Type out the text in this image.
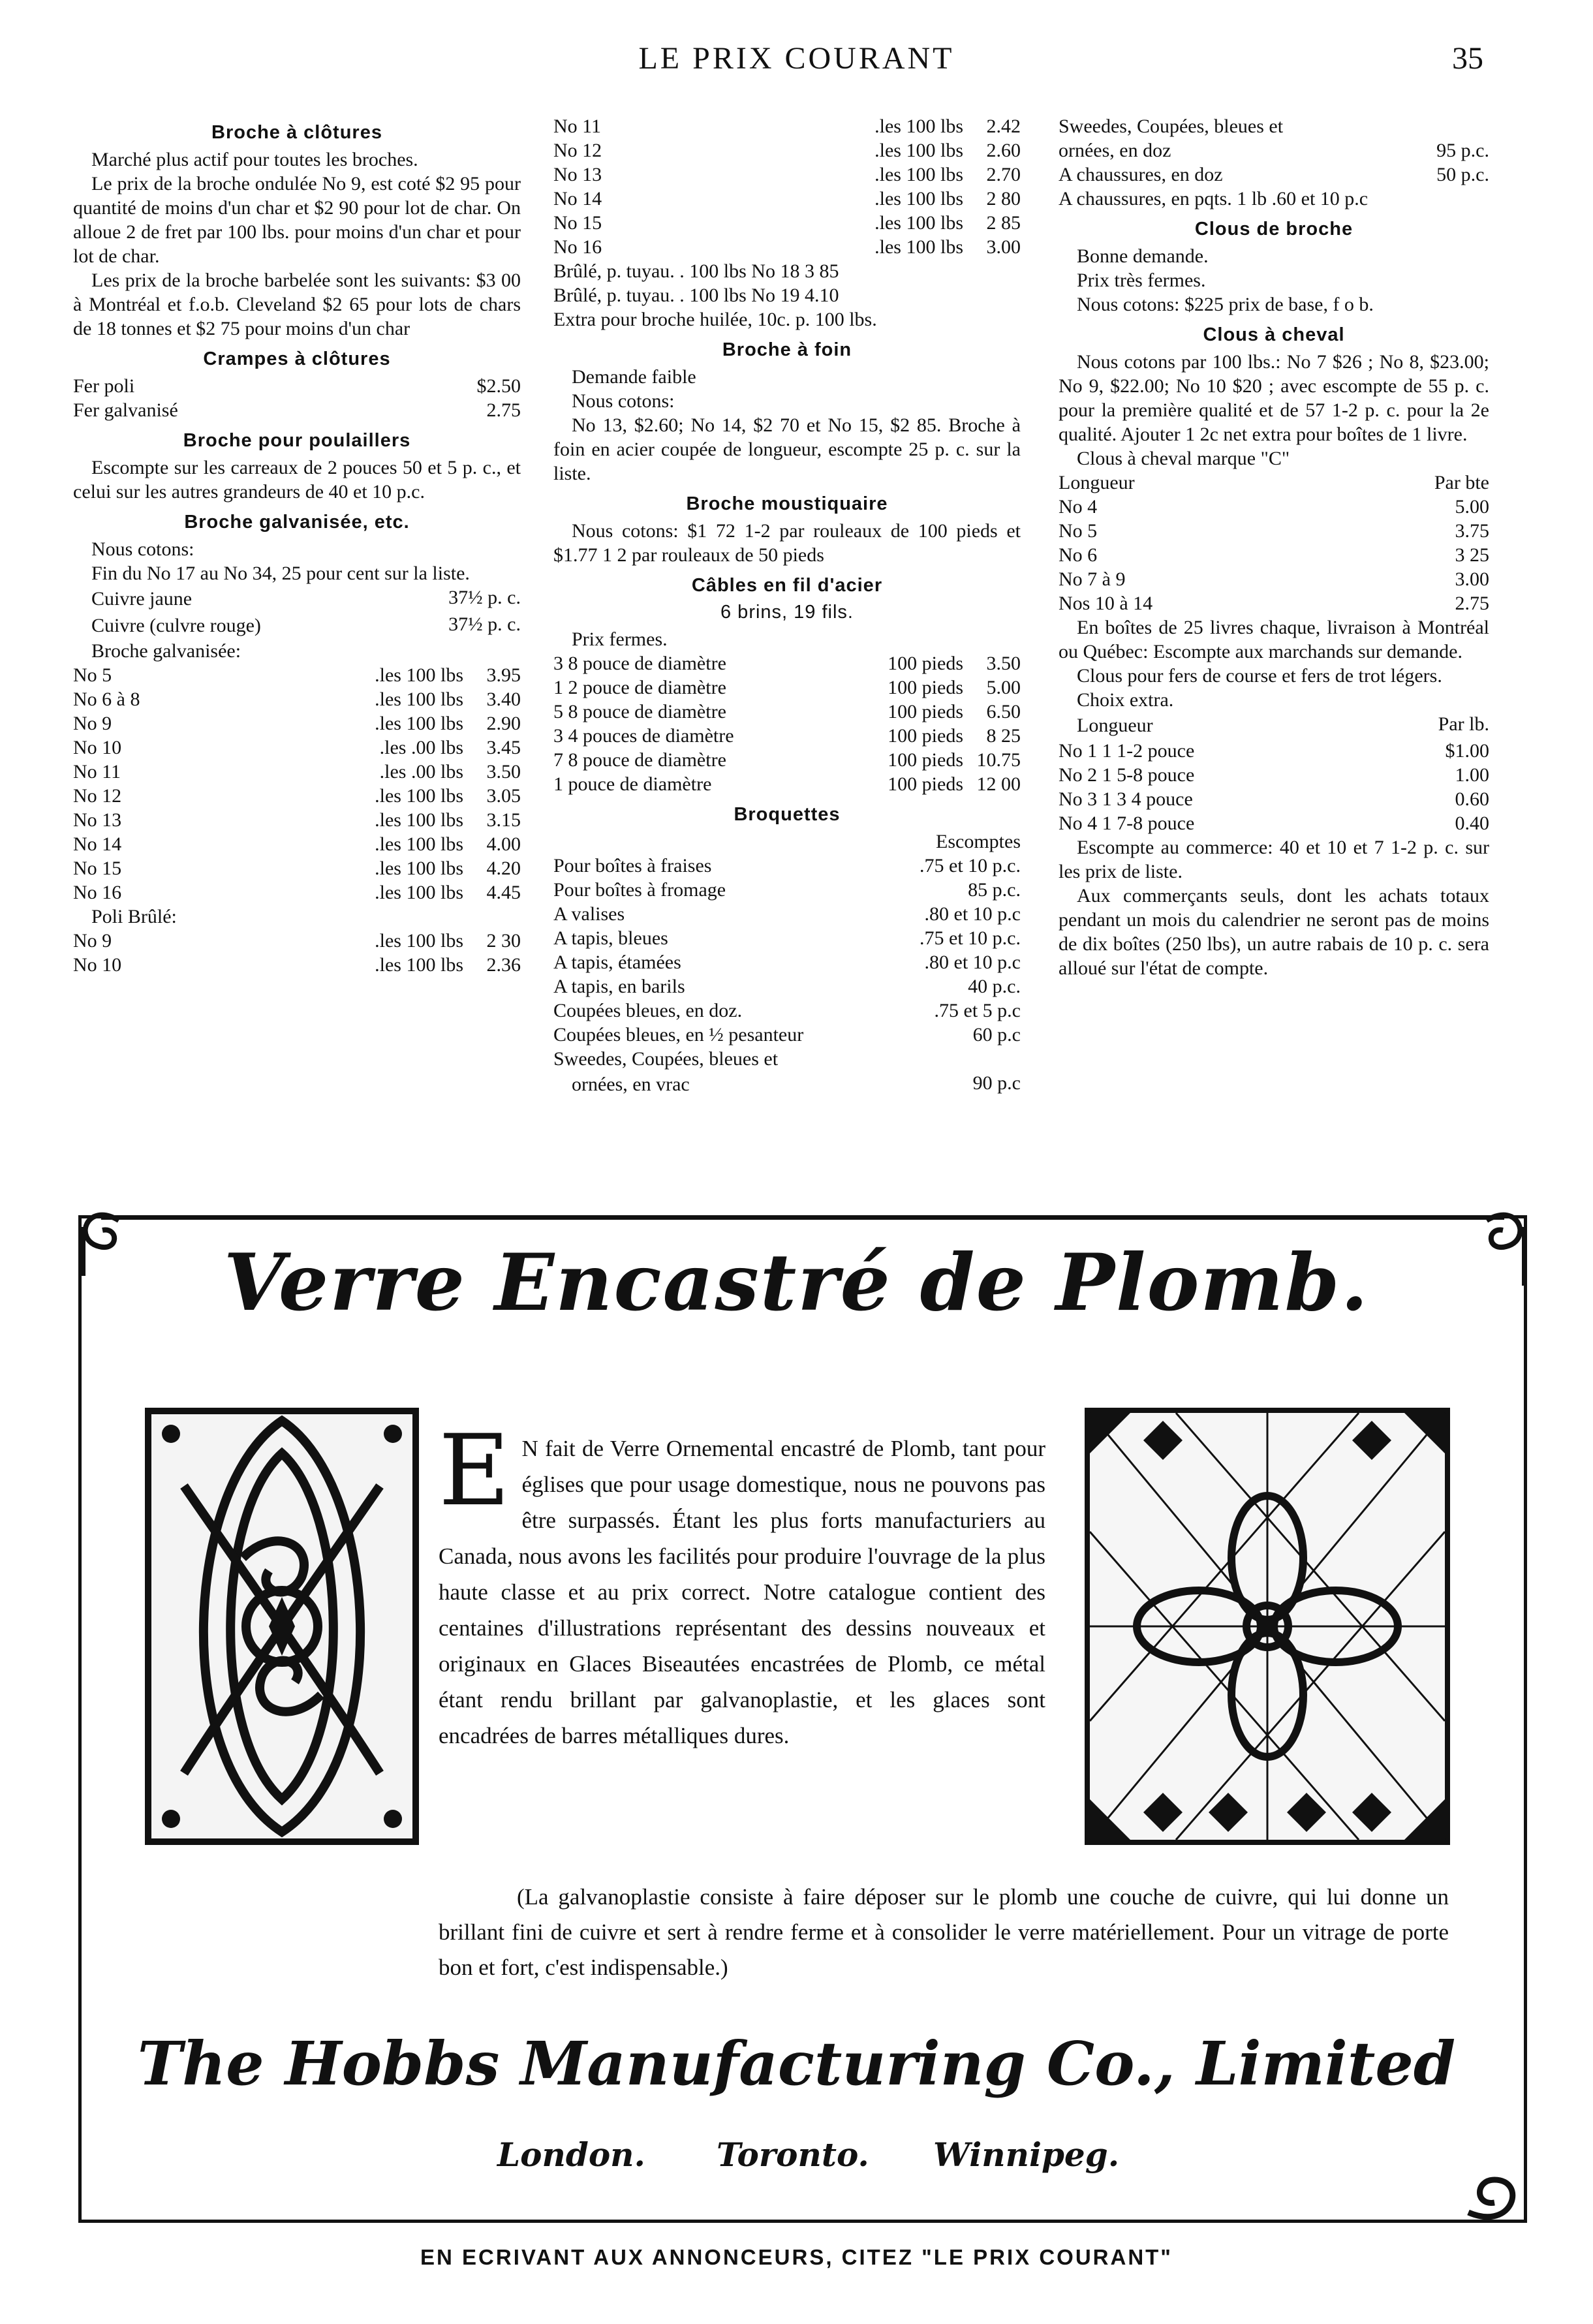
LE PRIX COURANT	35
Broche à clôtures

Marché plus actif pour toutes les broches.

Le prix de la broche ondulée No 9, est coté $2 95 pour quantité de moins d'un char et $2 90 pour lot de char. On alloue 2 de fret par 100 lbs. pour moins d'un char et pour lot de char.

Les prix de la broche barbelée sont les suivants: $3 00 à Montréal et f.o.b. Cleveland $2 65 pour lots de chars de 18 tonnes et $2 75 pour moins d'un char

Crampes à clôtures
Fer poli	$2.50
Fer galvanisé	2.75
Broche pour poulaillers

Escompte sur les carreaux de 2 pouces 50 et 5 p. c., et celui sur les autres grandeurs de 40 et 10 p.c.

Broche galvanisée, etc.

Nous cotons:

Fin du No 17 au No 34, 25 pour cent sur la liste.

Cuivre jaune	37½ p. c.
Cuivre (culvre rouge)	37½ p. c.

Broche galvanisée:

No 5	.les 100 lbs	3.95
No 6 à 8	.les 100 lbs	3.40
No 9	.les 100 lbs	2.90
No 10	.les .00 lbs	3.45
No 11	.les .00 lbs	3.50
No 12	.les 100 lbs	3.05
No 13	.les 100 lbs	3.15
No 14	.les 100 lbs	4.00
No 15	.les 100 lbs	4.20
No 16	.les 100 lbs	4.45

Poli Brûlé:

No 9	.les 100 lbs	2 30
No 10	.les 100 lbs	2.36
No 11	.les 100 lbs	2.42
No 12	.les 100 lbs	2.60
No 13	.les 100 lbs	2.70
No 14	.les 100 lbs	2 80
No 15	.les 100 lbs	2 85
No 16	.les 100 lbs	3.00

Brûlé, p. tuyau. . 100 lbs No 18 3 85

Brûlé, p. tuyau. . 100 lbs No 19 4.10

Extra pour broche huilée, 10c. p. 100 lbs.

Broche à foin

Demande faible

Nous cotons:

No 13, $2.60; No 14, $2 70 et No 15, $2 85. Broche à foin en acier coupée de longueur, escompte 25 p. c. sur la liste.

Broche moustiquaire

Nous cotons: $1 72 1-2 par rouleaux de 100 pieds et $1.77 1 2 par rouleaux de 50 pieds

Câbles en fil d'acier
6 brins, 19 fils.

Prix fermes.

3 8 pouce de diamètre	100 pieds	3.50
1 2 pouce de diamètre	100 pieds	5.00
5 8 pouce de diamètre	100 pieds	6.50
3 4 pouces de diamètre	100 pieds	8 25
7 8 pouce de diamètre	100 pieds 10.75
1 pouce de diamètre	100 pieds 12 00
Broquettes
Escomptes
Pour boîtes à fraises	.75 et 10 p.c.
Pour boîtes à fromage	85 p.c.
A valises	.80 et 10 p.c
A tapis, bleues	.75 et 10 p.c.
A tapis, étamées	.80 et 10 p.c
A tapis, en barils	40 p.c.
Coupées bleues, en doz.	.75 et 5 p.c
Coupées bleues, en ½ pesanteur	60 p.c

Sweedes, Coupées, bleues et

ornées, en vrac	90 p.c
Sweedes, Coupées, bleues et
ornées, en doz	95 p.c.
A chaussures, en doz	50 p.c.
A chaussures, en pqts. 1 lb .60 et 10 p.c
Clous de broche

Bonne demande.

Prix très fermes.

Nous cotons: $225 prix de base, f o b.

Clous à cheval

Nous cotons par 100 lbs.: No 7 $26 ; No 8, $23.00; No 9, $22.00; No 10 $20 ; avec escompte de 55 p. c. pour la première qualité et de 57 1-2 p. c. pour la 2e qualité. Ajouter 1 2c net extra pour boîtes de 1 livre.

Clous à cheval marque "C"

Longueur	Par bte
No 4	5.00
No 5	3.75
No 6	3 25
No 7 à 9	3.00
Nos 10 à 14	2.75

En boîtes de 25 livres chaque, livraison à Montréal ou Québec: Escompte aux marchands sur demande.

Clous pour fers de course et fers de trot légers.

Choix extra.

Longueur	Par lb.
No 1 1 1-2 pouce	$1.00
No 2 1 5-8 pouce	1.00
No 3 1 3 4 pouce	0.60
No 4 1 7-8 pouce	0.40

Escompte au commerce: 40 et 10 et 7 1-2 p. c. sur les prix de liste.

Aux commerçants seuls, dont les achats totaux pendant un mois du calendrier ne seront pas de moins de dix boîtes (250 lbs), un autre rabais de 10 p. c. sera alloué sur l'état de compte.

Verre Encastré de Plomb.
E N fait de Verre Ornemental encastré de Plomb, tant pour églises que pour usage domestique, nous ne pouvons pas être surpassés. Étant les plus forts manufacturiers au Canada, nous avons les facilités pour produire l'ouvrage de la plus haute classe et au prix correct. Notre catalogue contient des centaines d'illustrations représentant des dessins nouveaux et originaux en Glaces Biseautées encastrées de Plomb, ce métal étant rendu brillant par galvanoplastie, et les glaces sont encadrées de barres métalliques dures.
(La galvanoplastie consiste à faire déposer sur le plomb une couche de cuivre, qui lui donne un brillant fini de cuivre et sert à rendre ferme et à consolider le verre matériellement. Pour un vitrage de porte bon et fort, c'est indispensable.)
The Hobbs Manufacturing Co., Limited
London. Toronto. Winnipeg.
EN ECRIVANT AUX ANNONCEURS, CITEZ "LE PRIX COURANT"
